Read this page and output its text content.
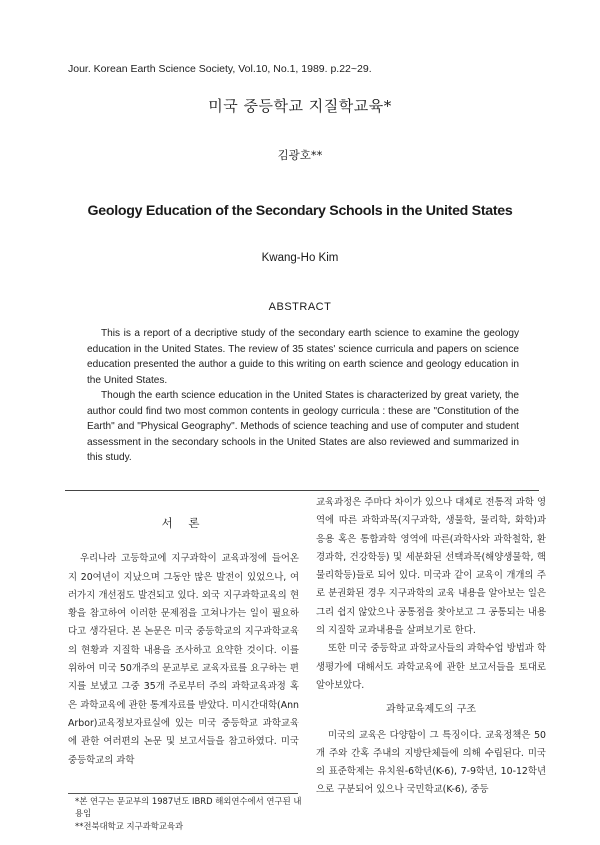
Jour. Korean Earth Science Society, Vol.10, No.1, 1989. p.22~29.
미국 중등학교 지질학교육*
김광호**
Geology Education of the Secondary Schools in the United States
Kwang-Ho Kim
ABSTRACT

This is a report of a decriptive study of the secondary earth science to examine the geology education in the United States. The review of 35 states' science curricula and papers on science education presented the author a guide to this writing on earth science and geology education in the United States.

Though the earth science education in the United States is characterized by great variety, the author could find two most common contents in geology curricula : these are "Constitution of the Earth" and "Physical Geography". Methods of science teaching and use of computer and student assessment in the secondary schools in the United States are also reviewed and summarized in this study.

서 론

우리나라 고등학교에 지구과학이 교육과정에 들어온지 20여년이 지났으며 그동안 많은 발전이 있었으나, 여러가지 개선점도 발견되고 있다. 외국 지구과학교육의 현황을 참고하여 이러한 문제점을 고쳐나가는 일이 필요하다고 생각된다. 본 논문은 미국 중등학교의 지구과학교육의 현황과 지질학 내용을 조사하고 요약한 것이다. 이를 위하여 미국 50개주의 문교부로 교육자료를 요구하는 편지를 보냈고 그중 35개 주로부터 주의 과학교육과정 혹은 과학교육에 관한 통계자료를 받았다. 미시간대학(Ann Arbor)교육정보자료실에 있는 미국 중등학교 과학교육에 관한 여러편의 논문 및 보고서들을 참고하였다. 미국 중등학교의 과학

교육과정은 주마다 차이가 있으나 대체로 전통적 과학 영역에 따른 과학과목(지구과학, 생물학, 물리학, 화학)과 응용 혹은 통합과학 영역에 따른(과학사와 과학철학, 환경과학, 건강학등) 및 세분화된 선택과목(해양생물학, 핵물리학등)들로 되어 있다. 미국과 같이 교육이 개개의 주로 분권화된 경우 지구과학의 교육 내용을 알아보는 일은 그리 쉽지 않았으나 공통점을 찾아보고 그 공통되는 내용의 지질학 교과내용을 살펴보기로 한다.

또한 미국 중등학교 과학교사들의 과학수업 방법과 학생평가에 대해서도 과학교육에 관한 보고서들을 토대로 알아보았다.

과학교육제도의 구조

미국의 교육은 다양함이 그 특징이다. 교육정책은 50개 주와 간혹 주내의 지방단체들에 의해 수립된다. 미국의 표준학제는 유치원-6학년(K-6), 7-9학년, 10-12학년으로 구분되어 있으나 국민학교(K-6), 중등

*본 연구는 문교부의 1987년도 IBRD 해외연수에서 연구된 내용임
**전북대학교 지구과학교육과
